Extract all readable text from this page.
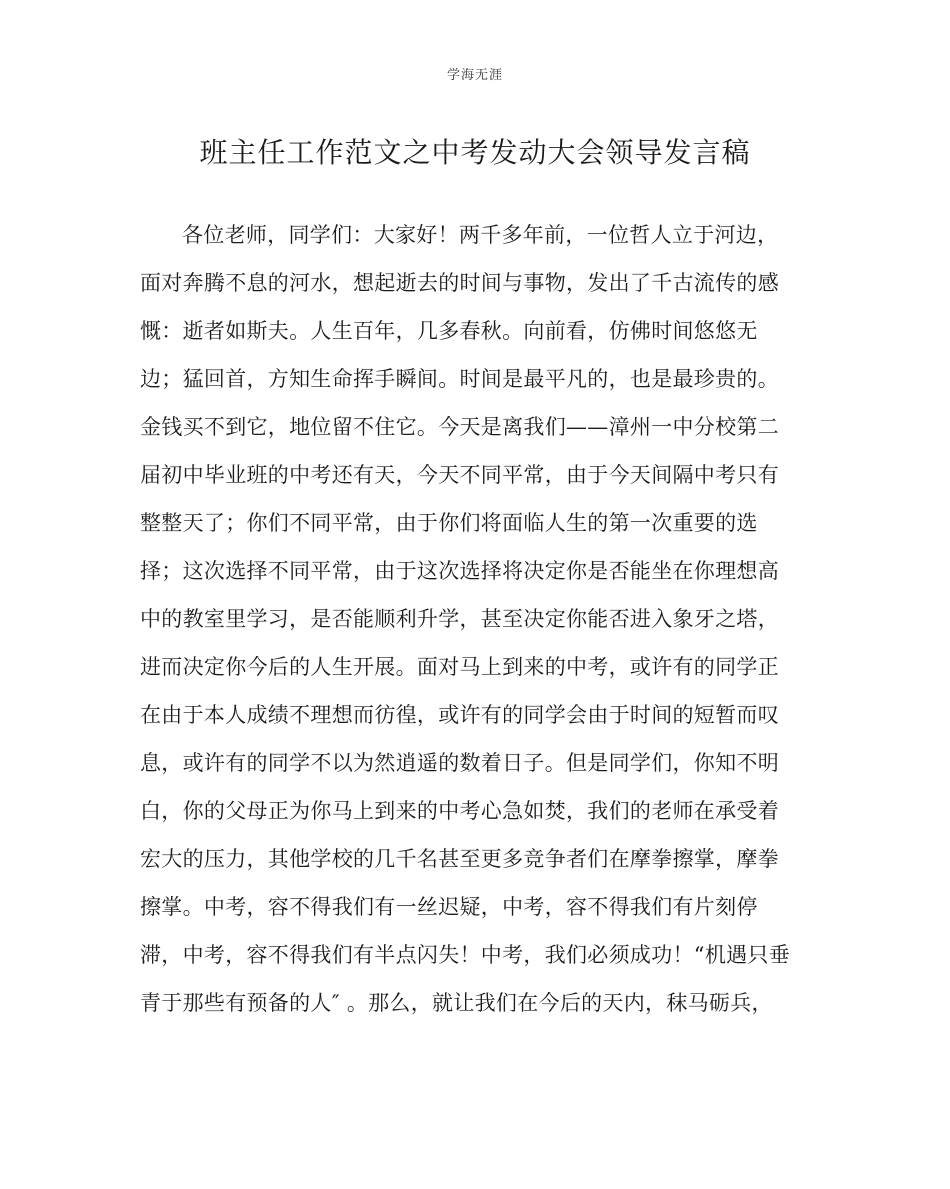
学海无涯
班主任工作范文之中考发动大会领导发言稿
各位老师，同学们：大家好！两千多年前，一位哲人立于河边，
面对奔腾不息的河水，想起逝去的时间与事物，发出了千古流传的感
慨：逝者如斯夫。人生百年，几多春秋。向前看，仿佛时间悠悠无
边；猛回首，方知生命挥手瞬间。时间是最平凡的，也是最珍贵的。
金钱买不到它，地位留不住它。今天是离我们——漳州一中分校第二
届初中毕业班的中考还有天，今天不同平常，由于今天间隔中考只有
整整天了；你们不同平常，由于你们将面临人生的第一次重要的选
择；这次选择不同平常，由于这次选择将决定你是否能坐在你理想高
中的教室里学习，是否能顺利升学，甚至决定你能否进入象牙之塔，
进而决定你今后的人生开展。面对马上到来的中考，或许有的同学正
在由于本人成绩不理想而彷徨，或许有的同学会由于时间的短暂而叹
息，或许有的同学不以为然逍遥的数着日子。但是同学们，你知不明
白，你的父母正为你马上到来的中考心急如焚，我们的老师在承受着
宏大的压力，其他学校的几千名甚至更多竞争者们在摩拳擦掌，摩拳
擦掌。中考，容不得我们有一丝迟疑，中考，容不得我们有片刻停
滞，中考，容不得我们有半点闪失！中考，我们必须成功！“机遇只垂
青于那些有预备的人″ 。那么，就让我们在今后的天内，秣马砺兵，
